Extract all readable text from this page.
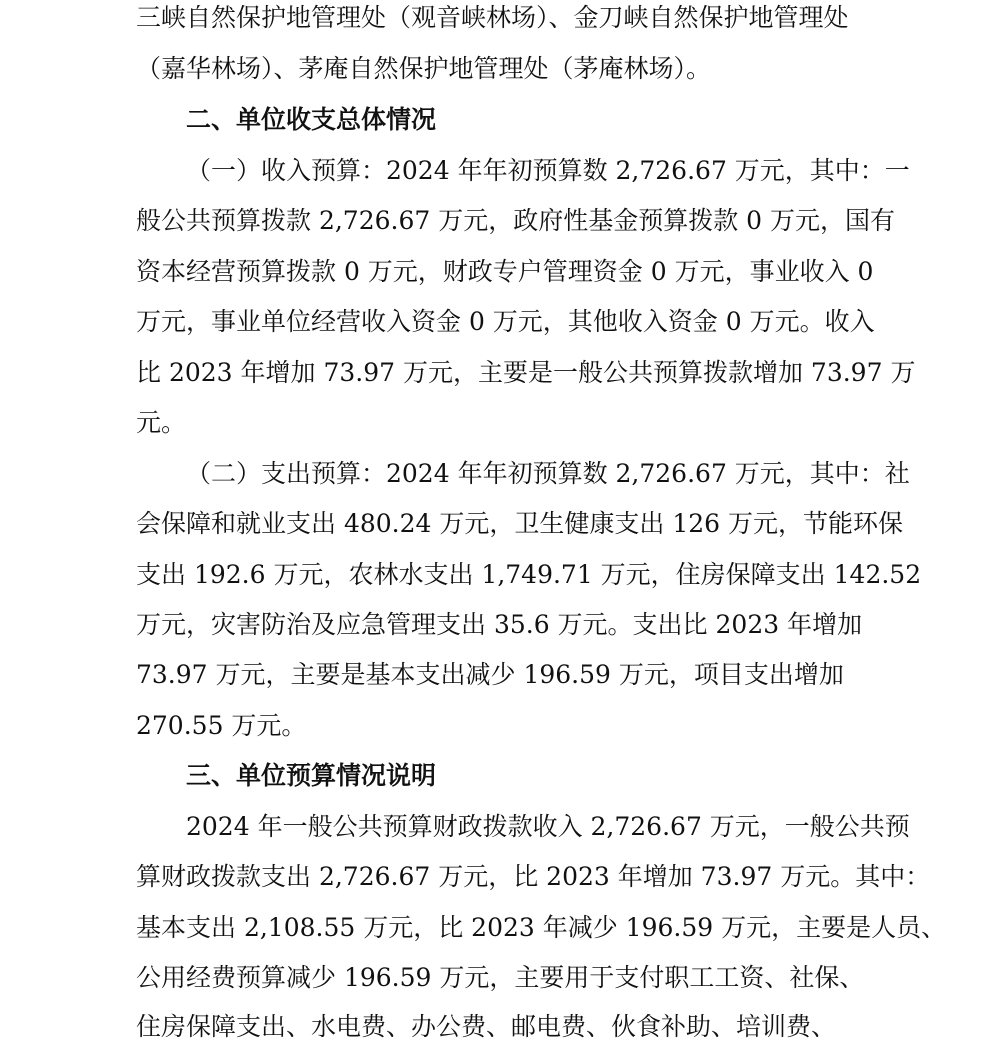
三峡自然保护地管理处（观音峡林场）、金刀峡自然保护地管理处
（嘉华林场）、茅庵自然保护地管理处（茅庵林场）。
二、单位收支总体情况
（一）收入预算：2024 年年初预算数 2,726.67 万元，其中：一
般公共预算拨款 2,726.67 万元，政府性基金预算拨款 0 万元，国有
资本经营预算拨款 0 万元，财政专户管理资金 0 万元，事业收入 0
万元，事业单位经营收入资金 0 万元，其他收入资金 0 万元。收入
比 2023 年增加 73.97 万元，主要是一般公共预算拨款增加 73.97 万
元。
（二）支出预算：2024 年年初预算数 2,726.67 万元，其中：社
会保障和就业支出 480.24 万元，卫生健康支出 126 万元，节能环保
支出 192.6 万元，农林水支出 1,749.71 万元，住房保障支出 142.52
万元，灾害防治及应急管理支出 35.6 万元。支出比 2023 年增加
73.97 万元，主要是基本支出减少 196.59 万元，项目支出增加
270.55 万元。
三、单位预算情况说明
2024 年一般公共预算财政拨款收入 2,726.67 万元，一般公共预
算财政拨款支出 2,726.67 万元，比 2023 年增加 73.97 万元。其中：
基本支出 2,108.55 万元，比 2023 年减少 196.59 万元，主要是人员、
公用经费预算减少 196.59 万元，主要用于支付职工工资、社保、
住房保障支出、水电费、办公费、邮电费、伙食补助、培训费、
